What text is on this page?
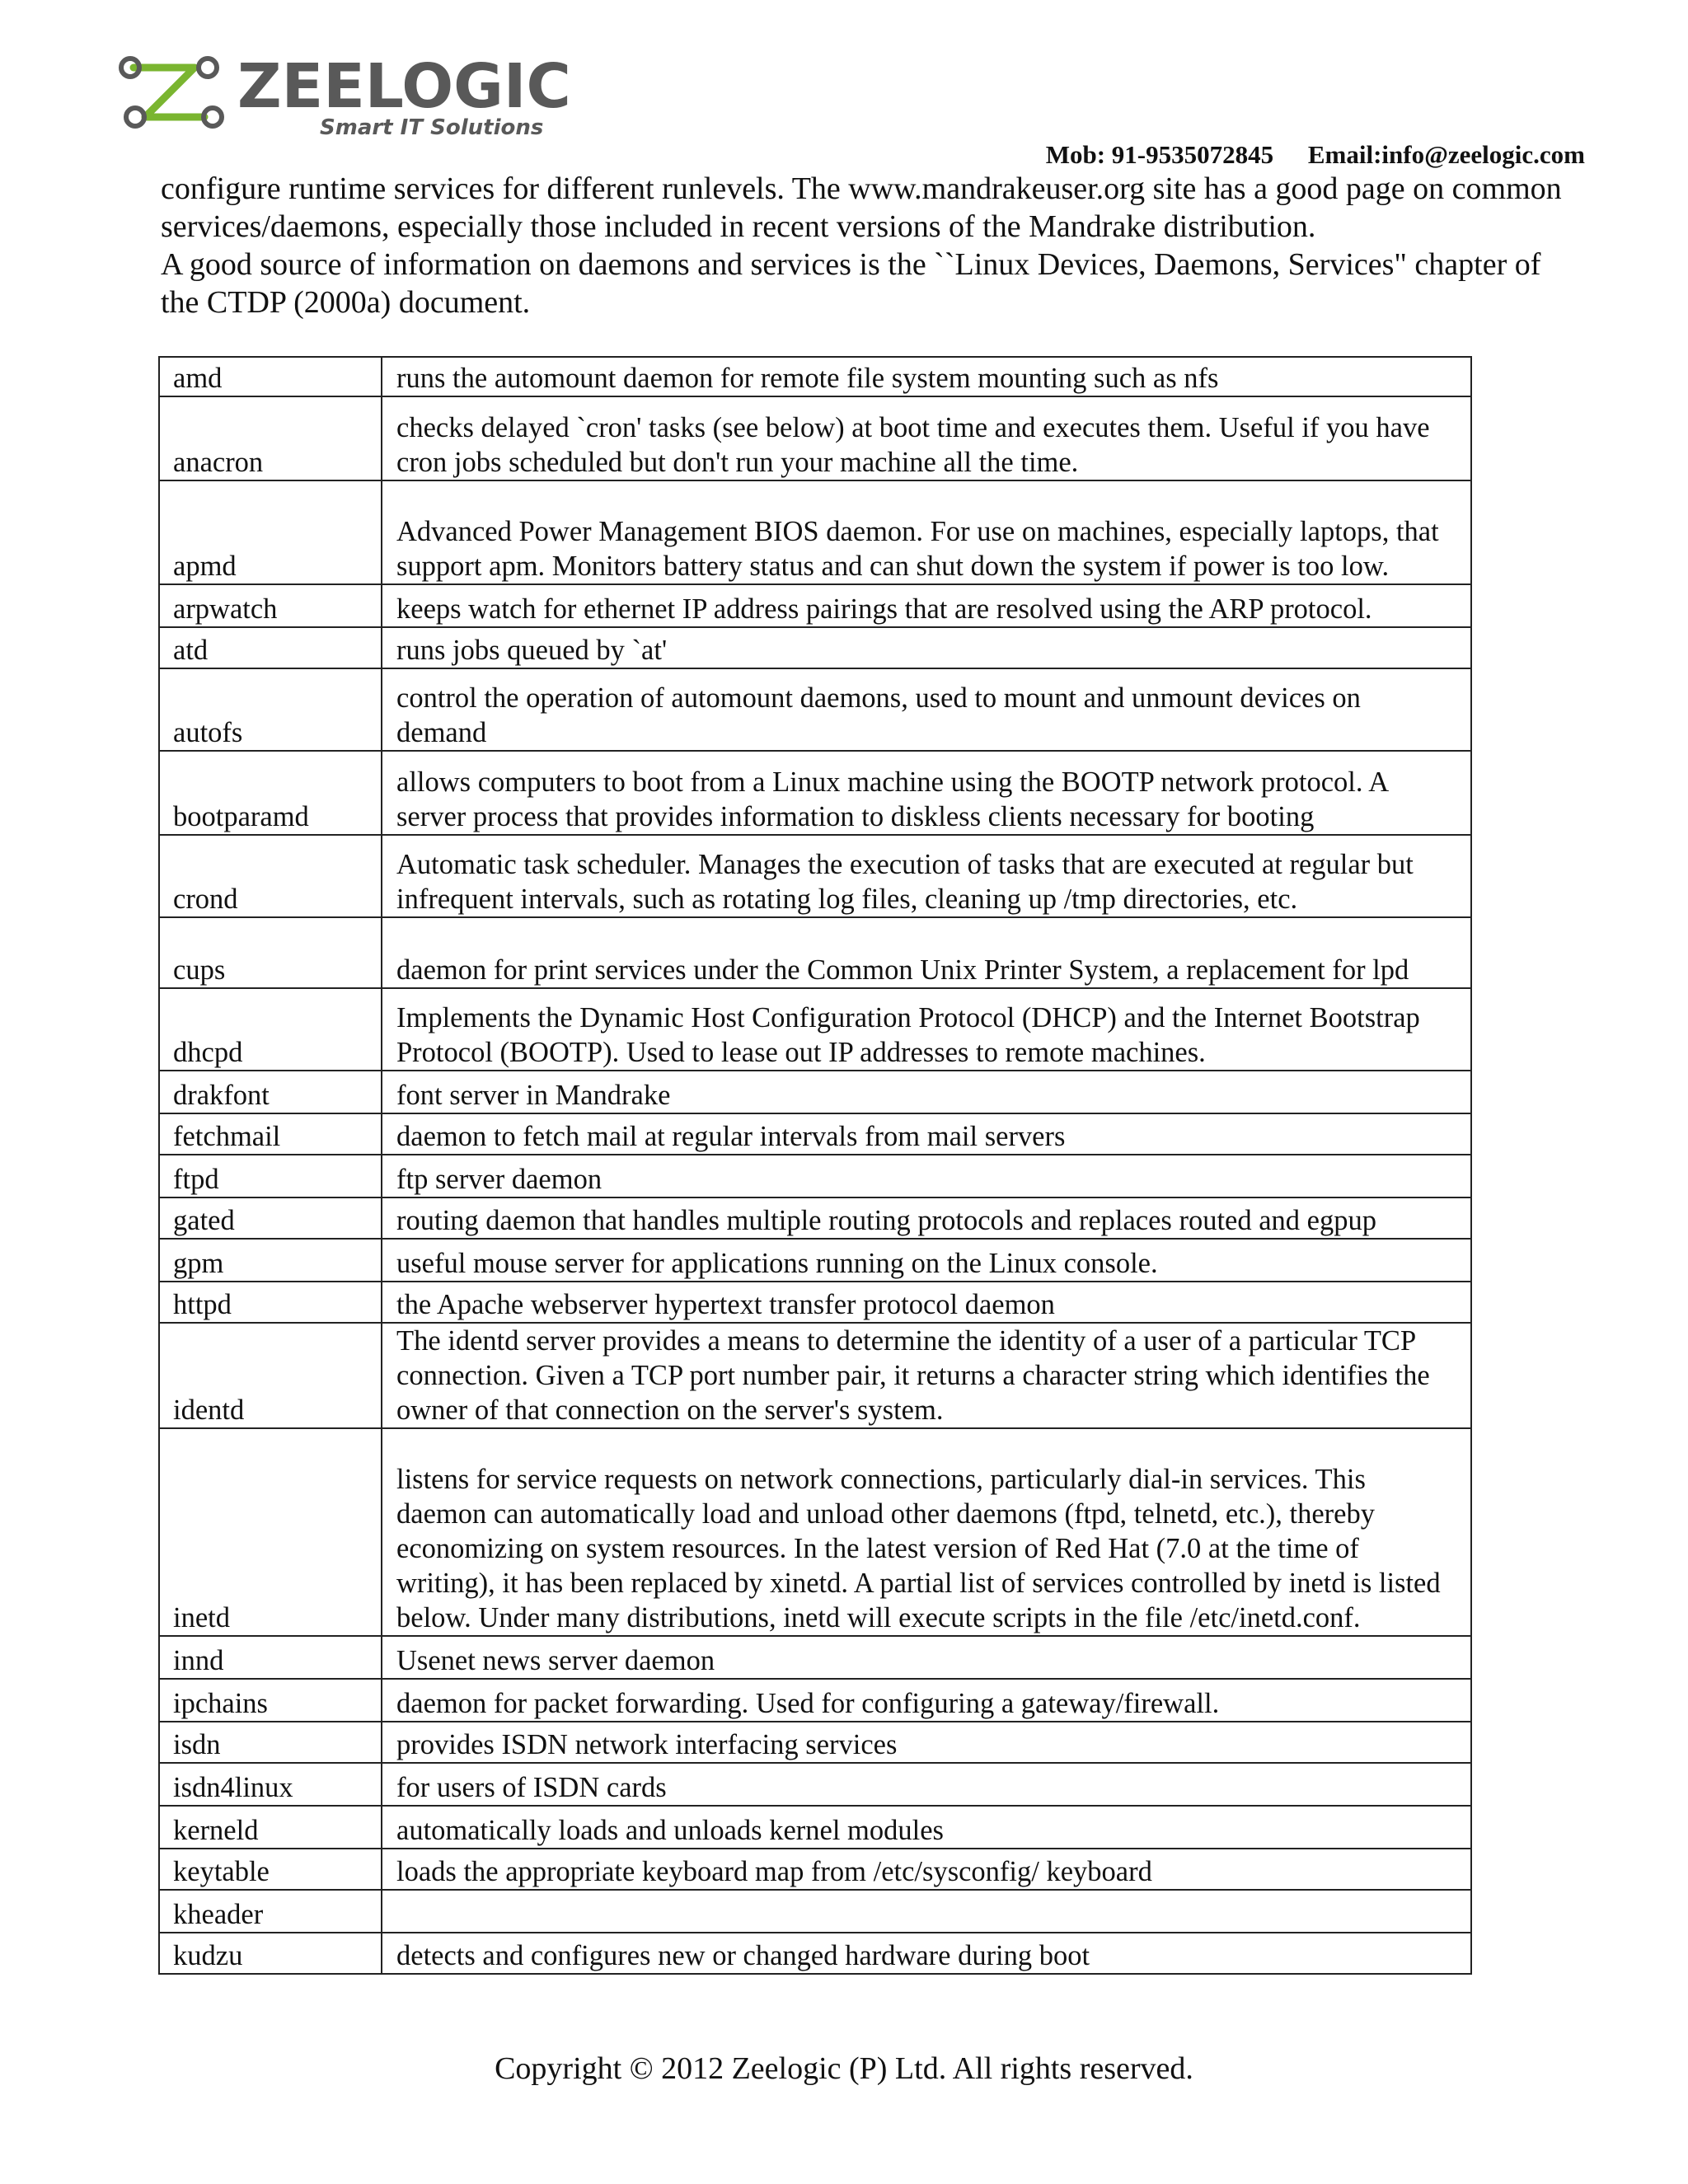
ZEELOGIC
Smart IT Solutions
Mob: 91-9535072845 Email:info@zeelogic.com

configure runtime services for different runlevels. The www.mandrakeuser.org site has a good page on common services/daemons, especially those included in recent versions of the Mandrake distribution.

A good source of information on daemons and services is the ``Linux Devices, Daemons, Services" chapter of the CTDP (2000a) document.

amd	runs the automount daemon for remote file system mounting such as nfs
anacron	checks delayed `cron' tasks (see below) at boot time and executes them. Useful if you have cron jobs scheduled but don't run your machine all the time.
apmd	Advanced Power Management BIOS daemon. For use on machines, especially laptops, that support apm. Monitors battery status and can shut down the system if power is too low.
arpwatch	keeps watch for ethernet IP address pairings that are resolved using the ARP protocol.
atd	runs jobs queued by `at'
autofs	control the operation of automount daemons, used to mount and unmount devices on demand
bootparamd	allows computers to boot from a Linux machine using the BOOTP network protocol. A server process that provides information to diskless clients necessary for booting
crond	Automatic task scheduler. Manages the execution of tasks that are executed at regular but infrequent intervals, such as rotating log files, cleaning up /tmp directories, etc.
cups	daemon for print services under the Common Unix Printer System, a replacement for lpd
dhcpd	Implements the Dynamic Host Configuration Protocol (DHCP) and the Internet Bootstrap Protocol (BOOTP). Used to lease out IP addresses to remote machines.
drakfont	font server in Mandrake
fetchmail	daemon to fetch mail at regular intervals from mail servers
ftpd	ftp server daemon
gated	routing daemon that handles multiple routing protocols and replaces routed and egpup
gpm	useful mouse server for applications running on the Linux console.
httpd	the Apache webserver hypertext transfer protocol daemon
identd	The identd server provides a means to determine the identity of a user of a particular TCP connection. Given a TCP port number pair, it returns a character string which identifies the owner of that connection on the server's system.
inetd	listens for service requests on network connections, particularly dial-in services. This daemon can automatically load and unload other daemons (ftpd, telnetd, etc.), thereby economizing on system resources. In the latest version of Red Hat (7.0 at the time of writing), it has been replaced by xinetd. A partial list of services controlled by inetd is listed below. Under many distributions, inetd will execute scripts in the file /etc/inetd.conf.
innd	Usenet news server daemon
ipchains	daemon for packet forwarding. Used for configuring a gateway/firewall.
isdn	provides ISDN network interfacing services
isdn4linux	for users of ISDN cards
kerneld	automatically loads and unloads kernel modules
keytable	loads the appropriate keyboard map from /etc/sysconfig/ keyboard
kheader	
kudzu	detects and configures new or changed hardware during boot
Copyright © 2012 Zeelogic (P) Ltd. All rights reserved.
